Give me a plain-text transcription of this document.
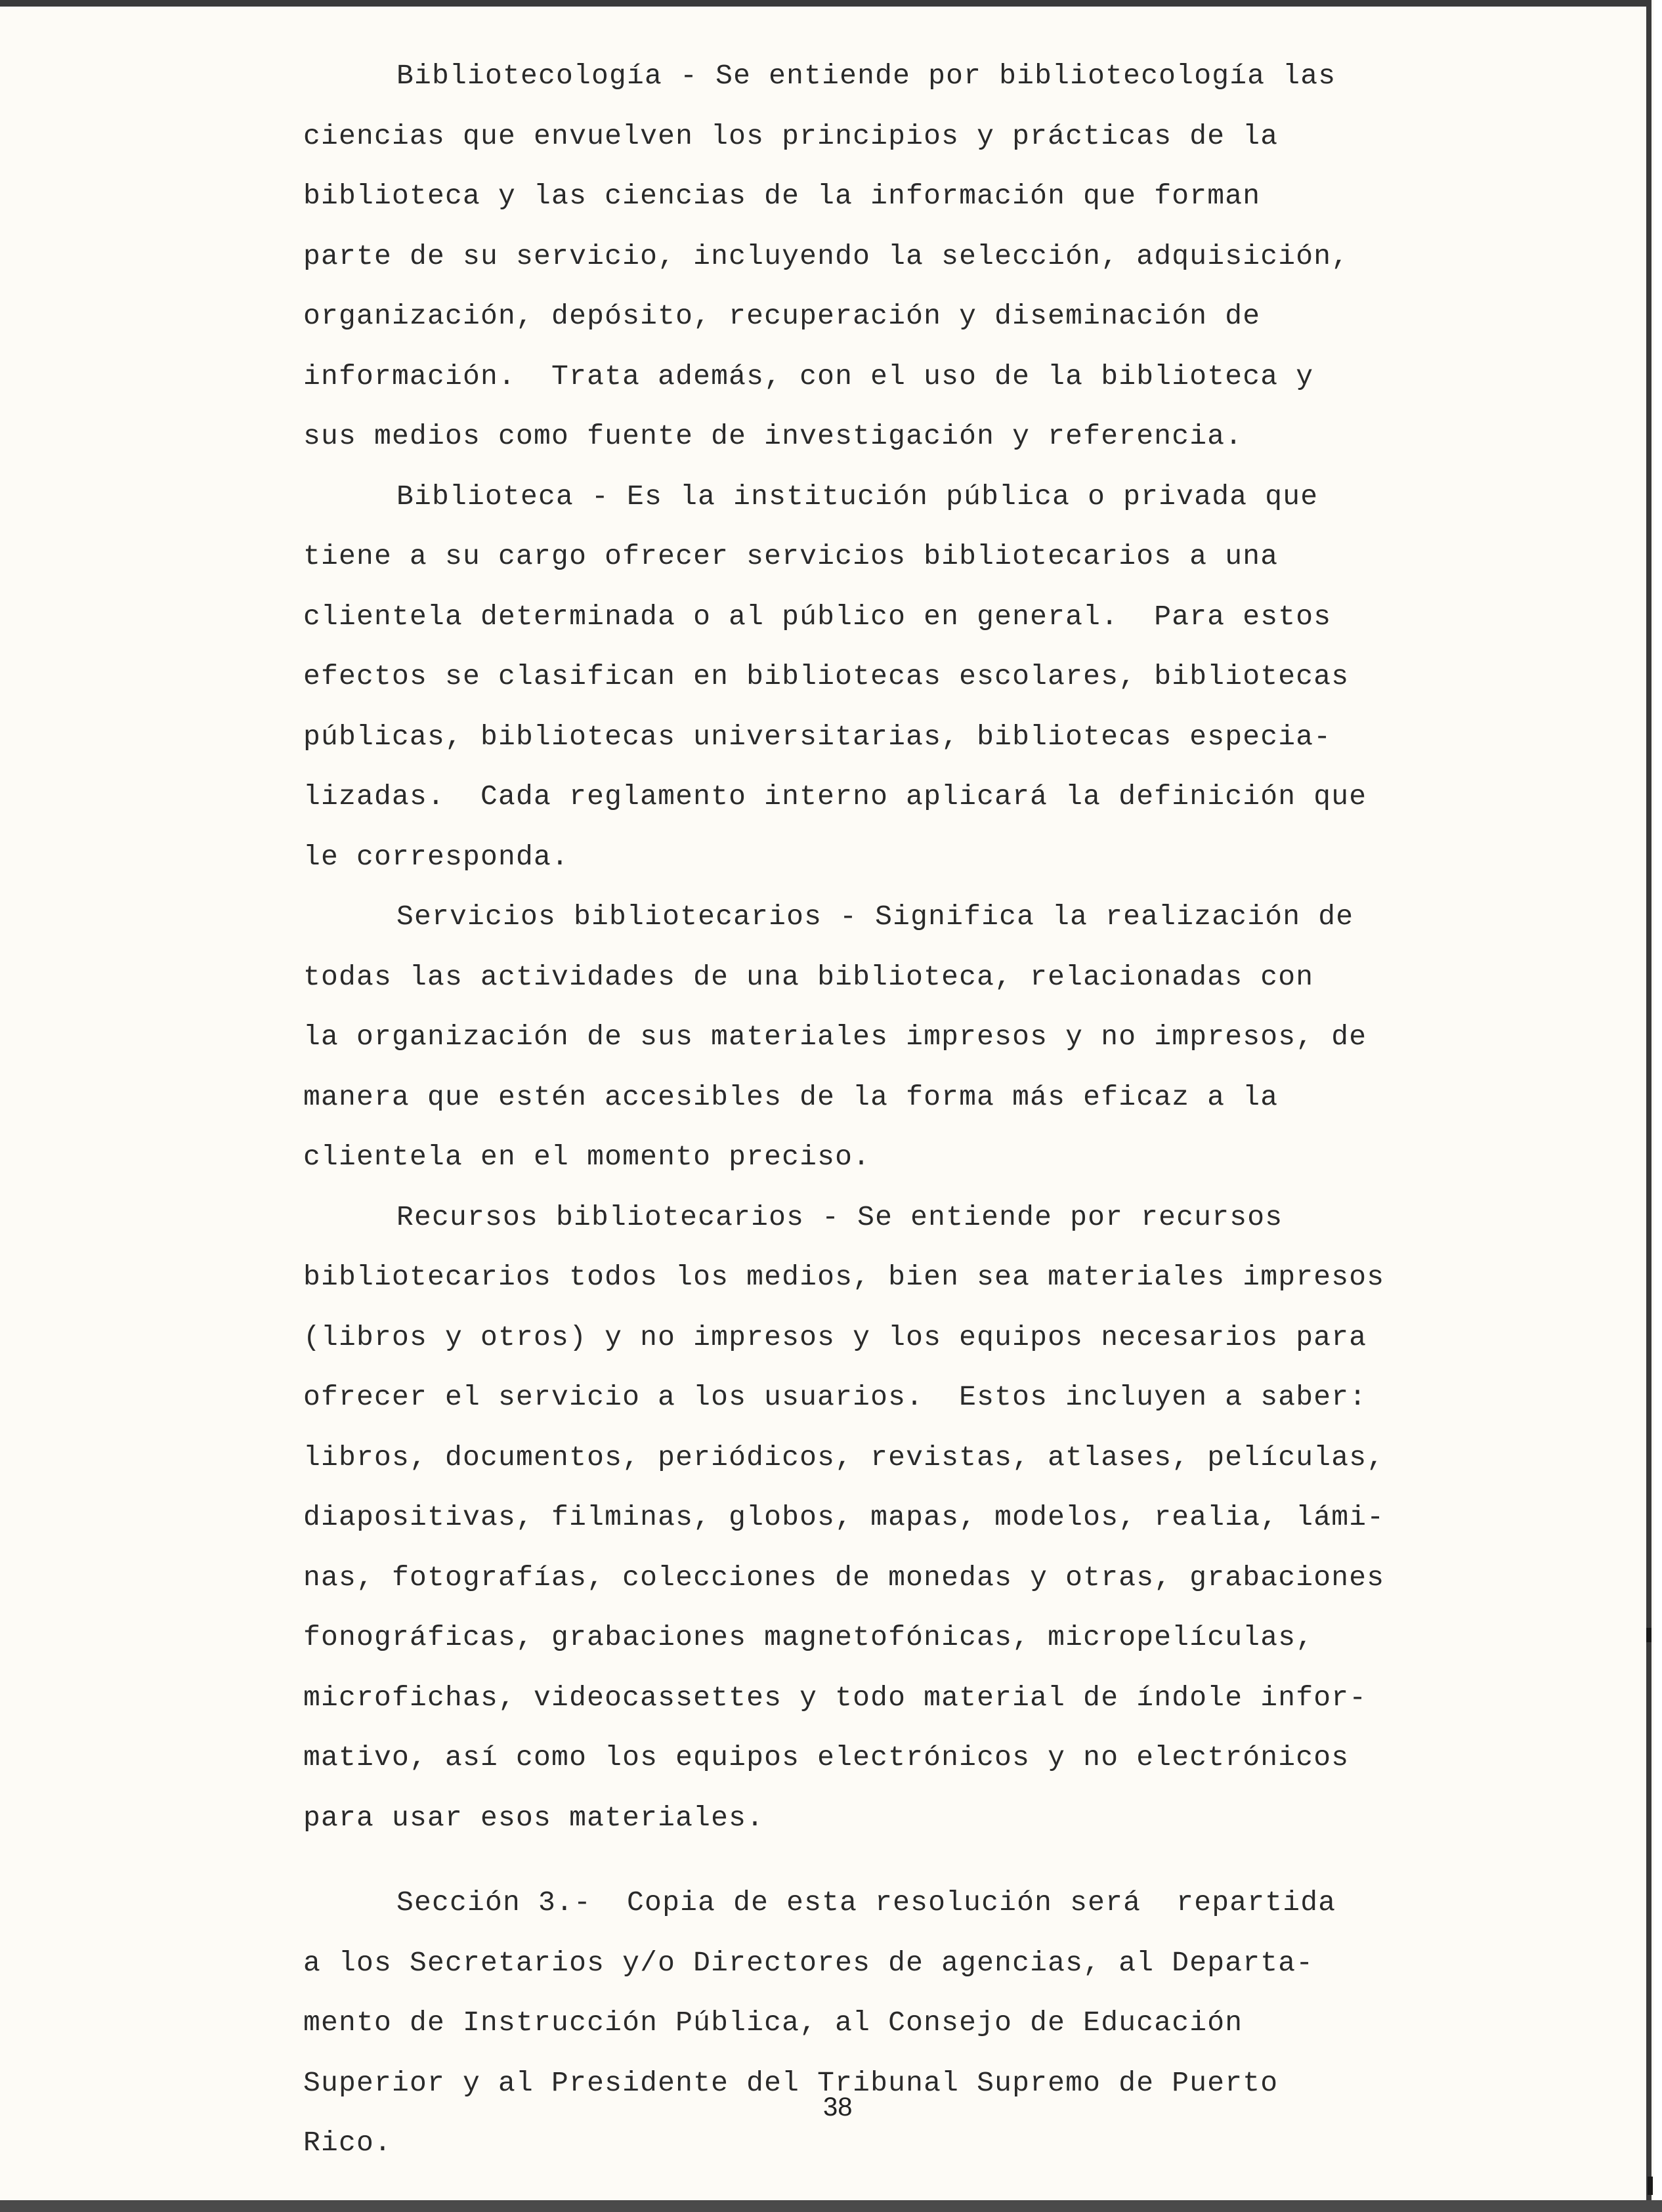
Bibliotecología - Se entiende por bibliotecología las
ciencias que envuelven los principios y prácticas de la
biblioteca y las ciencias de la información que forman
parte de su servicio, incluyendo la selección, adquisición,
organización, depósito, recuperación y diseminación de
información.  Trata además, con el uso de la biblioteca y
sus medios como fuente de investigación y referencia.
Biblioteca - Es la institución pública o privada que
tiene a su cargo ofrecer servicios bibliotecarios a una
clientela determinada o al público en general.  Para estos
efectos se clasifican en bibliotecas escolares, bibliotecas
públicas, bibliotecas universitarias, bibliotecas especia-
lizadas.  Cada reglamento interno aplicará la definición que
le corresponda.
Servicios bibliotecarios - Significa la realización de
todas las actividades de una biblioteca, relacionadas con
la organización de sus materiales impresos y no impresos, de
manera que estén accesibles de la forma más eficaz a la
clientela en el momento preciso.
Recursos bibliotecarios - Se entiende por recursos
bibliotecarios todos los medios, bien sea materiales impresos
(libros y otros) y no impresos y los equipos necesarios para
ofrecer el servicio a los usuarios.  Estos incluyen a saber:
libros, documentos, periódicos, revistas, atlases, películas,
diapositivas, filminas, globos, mapas, modelos, realia, lámi-
nas, fotografías, colecciones de monedas y otras, grabaciones
fonográficas, grabaciones magnetofónicas, micropelículas,
microfichas, videocassettes y todo material de índole infor-
mativo, así como los equipos electrónicos y no electrónicos
para usar esos materiales.
Sección 3.-  Copia de esta resolución será  repartida
a los Secretarios y/o Directores de agencias, al Departa-
mento de Instrucción Pública, al Consejo de Educación
Superior y al Presidente del Tribunal Supremo de Puerto
Rico.
38
